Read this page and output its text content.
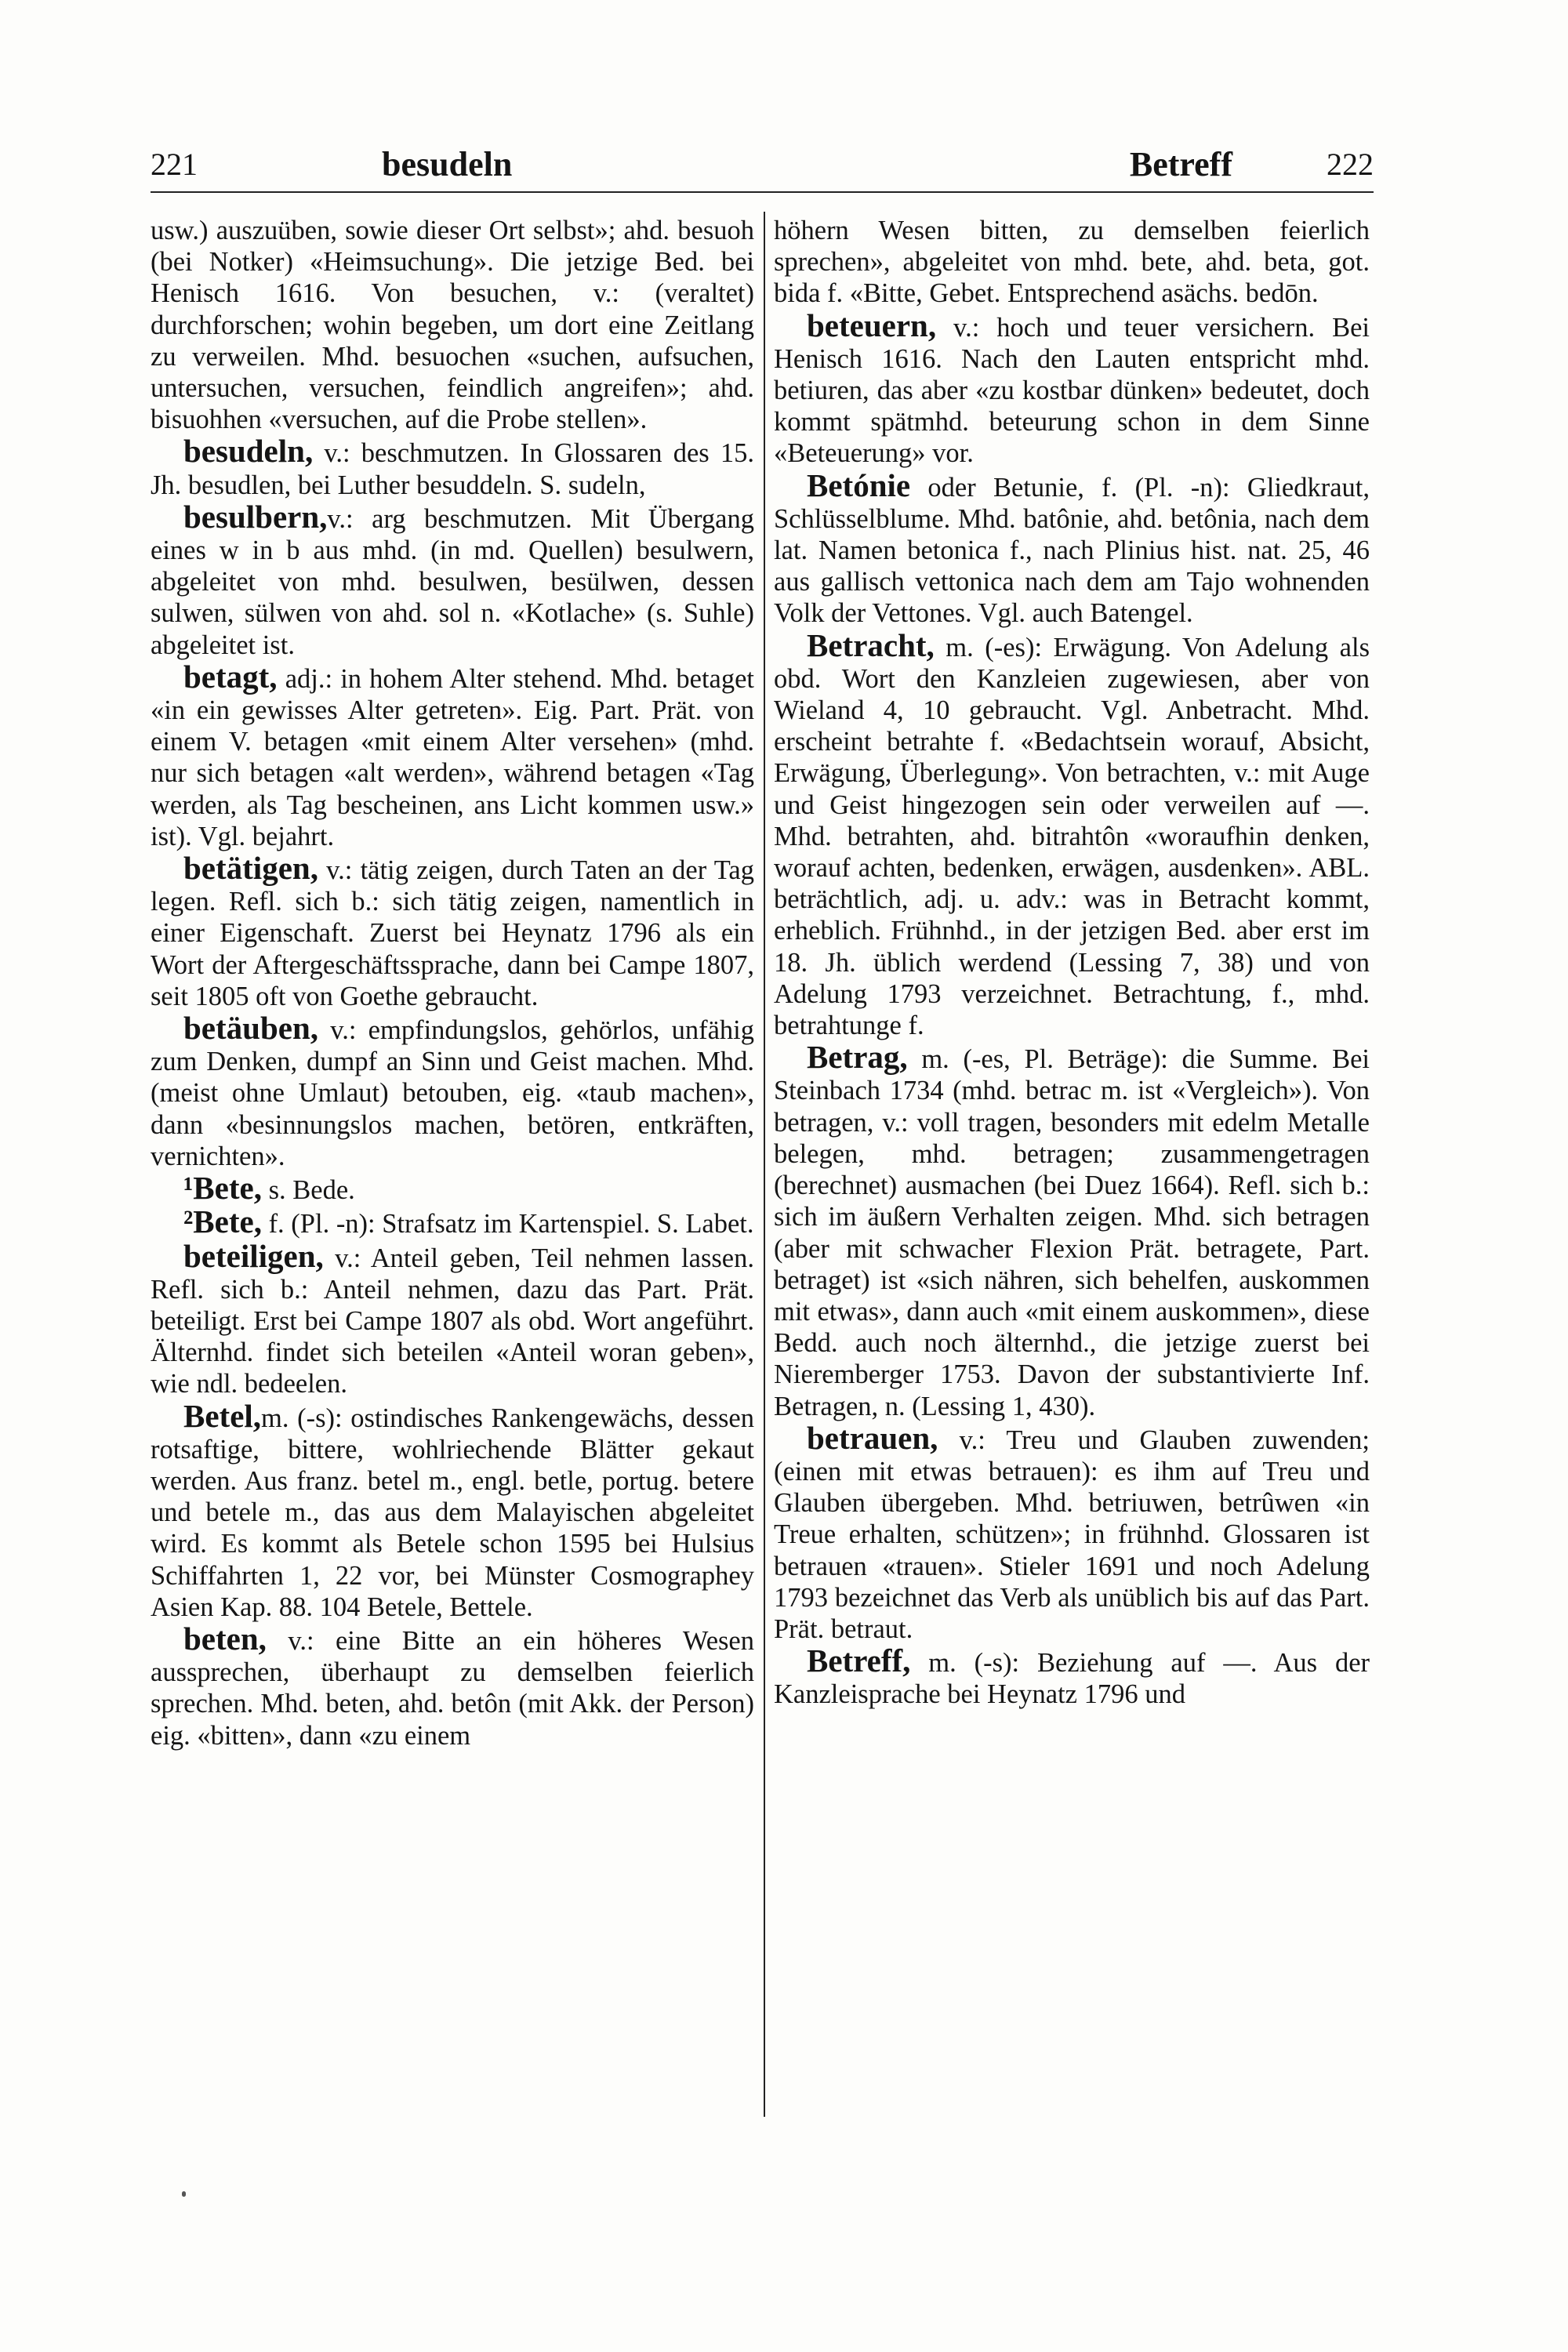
221	besudeln	Betreff	222

usw.) auszuüben, sowie dieser Ort selbst»; ahd. besuoh (bei Notker) «Heimsuchung». Die jetzige Bed. bei Henisch 1616. Von besuchen, v.: (veraltet) durchforschen; wohin begeben, um dort eine Zeitlang zu verweilen. Mhd. besuochen «suchen, aufsuchen, untersuchen, versuchen, feindlich angreifen»; ahd. bisuohhen «versuchen, auf die Probe stellen».

besudeln, v.: beschmutzen. In Glossaren des 15. Jh. besudlen, bei Luther besuddeln. S. sudeln,

besulbern,v.: arg beschmutzen. Mit Übergang eines w in b aus mhd. (in md. Quellen) besulwern, abgeleitet von mhd. besulwen, besülwen, dessen sulwen, sülwen von ahd. sol n. «Kotlache» (s. Suhle) abgeleitet ist.

betagt, adj.: in hohem Alter stehend. Mhd. betaget «in ein gewisses Alter getreten». Eig. Part. Prät. von einem V. betagen «mit einem Alter versehen» (mhd. nur sich betagen «alt werden», während betagen «Tag werden, als Tag bescheinen, ans Licht kommen usw.» ist). Vgl. bejahrt.

betätigen, v.: tätig zeigen, durch Taten an der Tag legen. Refl. sich b.: sich tätig zeigen, namentlich in einer Eigenschaft. Zuerst bei Heynatz 1796 als ein Wort der Aftergeschäftssprache, dann bei Campe 1807, seit 1805 oft von Goethe gebraucht.

betäuben, v.: empfindungslos, gehörlos, unfähig zum Denken, dumpf an Sinn und Geist machen. Mhd. (meist ohne Umlaut) betouben, eig. «taub machen», dann «besinnungslos machen, betören, entkräften, vernichten».

¹Bete, s. Bede.

²Bete, f. (Pl. -n): Strafsatz im Kartenspiel. S. Labet.

beteiligen, v.: Anteil geben, Teil nehmen lassen. Refl. sich b.: Anteil nehmen, dazu das Part. Prät. beteiligt. Erst bei Campe 1807 als obd. Wort angeführt. Älternhd. findet sich beteilen «Anteil woran geben», wie ndl. bedeelen.

Betel,m. (-s): ostindisches Rankengewächs, dessen rotsaftige, bittere, wohlriechende Blätter gekaut werden. Aus franz. betel m., engl. betle, portug. betere und betele m., das aus dem Malayischen abgeleitet wird. Es kommt als Betele schon 1595 bei Hulsius Schiffahrten 1, 22 vor, bei Münster Cosmographey Asien Kap. 88. 104 Betele, Bettele.

beten, v.: eine Bitte an ein höheres Wesen aussprechen, überhaupt zu demselben feierlich sprechen. Mhd. beten, ahd. betôn (mit Akk. der Person) eig. «bitten», dann «zu einem

höhern Wesen bitten, zu demselben feierlich sprechen», abgeleitet von mhd. bete, ahd. beta, got. bida f. «Bitte, Gebet. Entsprechend asächs. bedōn.

beteuern, v.: hoch und teuer versichern. Bei Henisch 1616. Nach den Lauten entspricht mhd. betiuren, das aber «zu kostbar dünken» bedeutet, doch kommt spätmhd. beteurung schon in dem Sinne «Beteuerung» vor.

Betónie oder Betunie, f. (Pl. -n): Gliedkraut, Schlüsselblume. Mhd. batônie, ahd. betônia, nach dem lat. Namen betonica f., nach Plinius hist. nat. 25, 46 aus gallisch vettonica nach dem am Tajo wohnenden Volk der Vettones. Vgl. auch Batengel.

Betracht, m. (-es): Erwägung. Von Adelung als obd. Wort den Kanzleien zugewiesen, aber von Wieland 4, 10 gebraucht. Vgl. Anbetracht. Mhd. erscheint betrahte f. «Bedachtsein worauf, Absicht, Erwägung, Überlegung». Von betrachten, v.: mit Auge und Geist hingezogen sein oder verweilen auf —. Mhd. betrahten, ahd. bitrahtôn «woraufhin denken, worauf achten, bedenken, erwägen, ausdenken». ABL. beträchtlich, adj. u. adv.: was in Betracht kommt, erheblich. Frühnhd., in der jetzigen Bed. aber erst im 18. Jh. üblich werdend (Lessing 7, 38) und von Adelung 1793 verzeichnet. Betrachtung, f., mhd. betrahtunge f.

Betrag, m. (-es, Pl. Beträge): die Summe. Bei Steinbach 1734 (mhd. betrac m. ist «Vergleich»). Von betragen, v.: voll tragen, besonders mit edelm Metalle belegen, mhd. betragen; zusammengetragen (berechnet) ausmachen (bei Duez 1664). Refl. sich b.: sich im äußern Verhalten zeigen. Mhd. sich betragen (aber mit schwacher Flexion Prät. betragete, Part. betraget) ist «sich nähren, sich behelfen, auskommen mit etwas», dann auch «mit einem auskommen», diese Bedd. auch noch älternhd., die jetzige zuerst bei Nieremberger 1753. Davon der substantivierte Inf. Betragen, n. (Lessing 1, 430).

betrauen, v.: Treu und Glauben zuwenden; (einen mit etwas betrauen): es ihm auf Treu und Glauben übergeben. Mhd. betriuwen, betrûwen «in Treue erhalten, schützen»; in frühnhd. Glossaren ist betrauen «trauen». Stieler 1691 und noch Adelung 1793 bezeichnet das Verb als unüblich bis auf das Part. Prät. betraut.

Betreff, m. (-s): Beziehung auf —. Aus der Kanzleisprache bei Heynatz 1796 und
